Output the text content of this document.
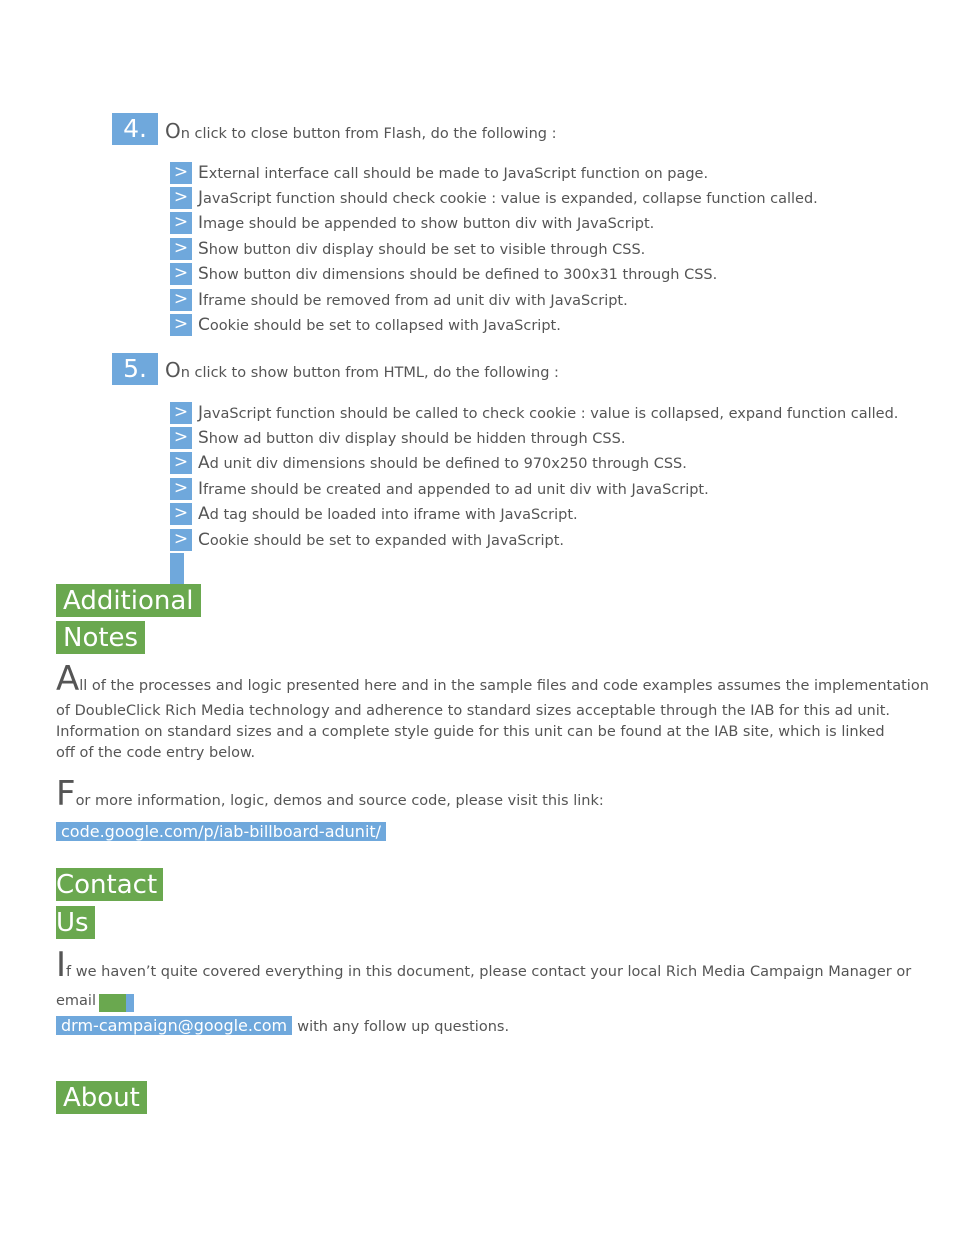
4. On click to close button from Flash, do the following :
> External interface call should be made to JavaScript function on page.
> JavaScript function should check cookie : value is expanded, collapse function called.
> Image should be appended to show button div with JavaScript.
> Show button div display should be set to visible through CSS.
> Show button div dimensions should be defined to 300x31 through CSS.
> Iframe should be removed from ad unit div with JavaScript.
> Cookie should be set to collapsed with JavaScript.
5. On click to show button from HTML, do the following :
> JavaScript function should be called to check cookie : value is collapsed, expand function called.
> Show ad button div display should be hidden through CSS.
> Ad unit div dimensions should be defined to 970x250 through CSS.
> Iframe should be created and appended to ad unit div with JavaScript.
> Ad tag should be loaded into iframe with JavaScript.
> Cookie should be set to expanded with JavaScript.
Additional
Notes
All of the processes and logic presented here and in the sample files and code examples assumes the implementation
of DoubleClick Rich Media technology and adherence to standard sizes acceptable through the IAB for this ad unit. Information on standard sizes and a complete style guide for this unit can be found at the IAB site, which is linked off of the code entry below.
For more information, logic, demos and source code, please visit this link:
code.google.com/p/iab-billboard-adunit/
Contact
Us
If we haven’t quite covered everything in this document, please contact your local Rich Media Campaign Manager or
email
drm-campaign@google.com with any follow up questions.
About
